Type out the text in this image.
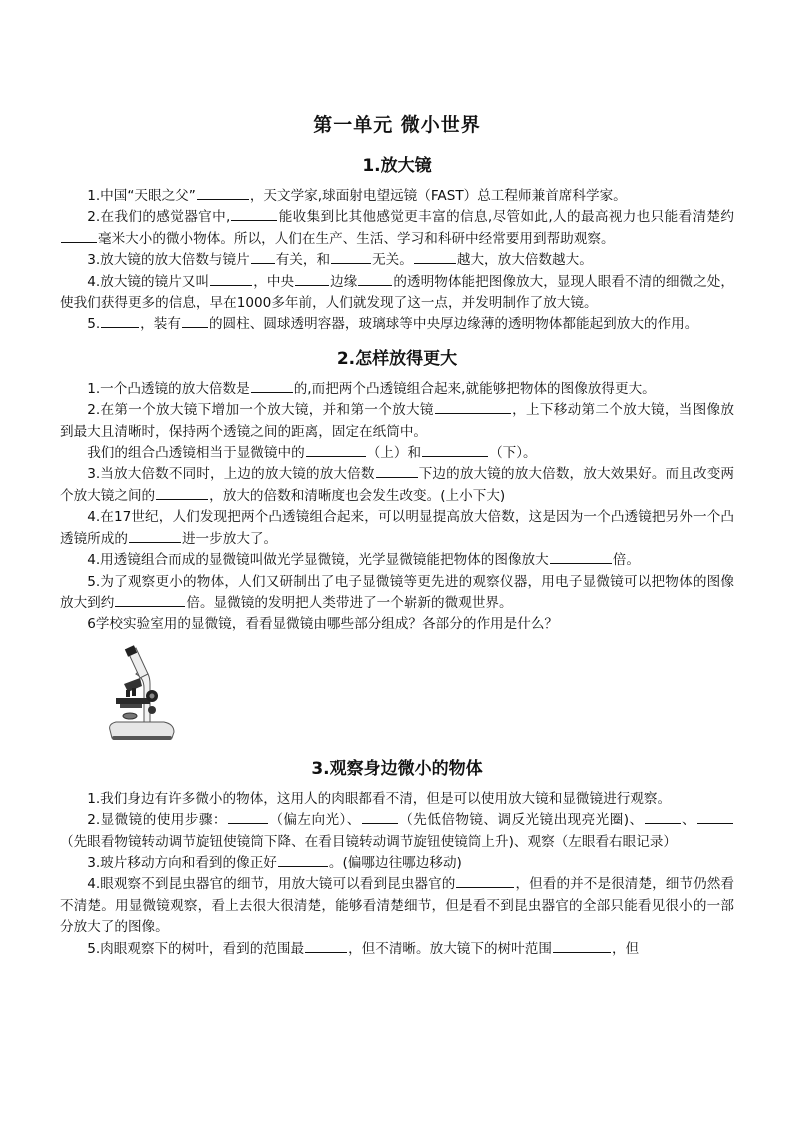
第一单元 微小世界
1.放大镜

1.中国“天眼之父”	，天文学家,球面射电望远镜（FAST）总工程师兼首席科学家。

2.在我们的感觉器官中,	能收集到比其他感觉更丰富的信息,尽管如此,人的最高视力也只能看清楚约毫米大小的微小物体。所以，人们在生产、生活、学习和科研中经常要用到帮助观察。

3.放大镜的放大倍数与镜片 有关，和	无关。	越大，放大倍数越大。

4.放大镜的镜片又叫	，中央	边缘	的透明物体能把图像放大，显现人眼看不清的细微之处，使我们获得更多的信息，早在1000多年前，人们就发现了这一点，并发明制作了放大镜。

5.	，装有 的圆柱、圆球透明容器，玻璃球等中央厚边缘薄的透明物体都能起到放大的作用。

2.怎样放得更大

1.一个凸透镜的放大倍数是	的,而把两个凸透镜组合起来,就能够把物体的图像放得更大。

2.在第一个放大镜下增加一个放大镜，并和第一个放大镜	，上下移动第二个放大镜，当图像放到最大且清晰时，保持两个透镜之间的距离，固定在纸筒中。

我们的组合凸透镜相当于显微镜中的	（上）和	（下）。

3.当放大倍数不同时，上边的放大镜的放大倍数	下边的放大镜的放大倍数，放大效果好。而且改变两个放大镜之间的	，放大的倍数和清晰度也会发生改变。(上小下大)

4.在17世纪，人们发现把两个凸透镜组合起来，可以明显提高放大倍数，这是因为一个凸透镜把另外一个凸透镜所成的	进一步放大了。

4.用透镜组合而成的显微镜叫做光学显微镜，光学显微镜能把物体的图像放大	倍。

5.为了观察更小的物体，人们又研制出了电子显微镜等更先进的观察仪器，用电子显微镜可以把物体的图像放大到约	倍。显微镜的发明把人类带进了一个崭新的微观世界。

6学校实验室用的显微镜，看看显微镜由哪些部分组成？各部分的作用是什么？

3.观察身边微小的物体

1.我们身边有许多微小的物体，这用人的肉眼都看不清，但是可以使用放大镜和显微镜进行观察。

2.显微镜的使用步骤：	（偏左向光）、	（先低倍物镜、调反光镜出现亮光圈)、	、（先眼看物镜转动调节旋钮使镜筒下降、在看目镜转动调节旋钮使镜筒上升)、观察（左眼看右眼记录）

3.玻片移动方向和看到的像正好	。(偏哪边往哪边移动)

4.眼观察不到昆虫器官的细节，用放大镜可以看到昆虫器官的	，但看的并不是很清楚，细节仍然看不清楚。用显微镜观察，看上去很大很清楚，能够看清楚细节，但是看不到昆虫器官的全部只能看见很小的一部分放大了的图像。

5.肉眼观察下的树叶，看到的范围最	，但不清晰。放大镜下的树叶范围	，但
